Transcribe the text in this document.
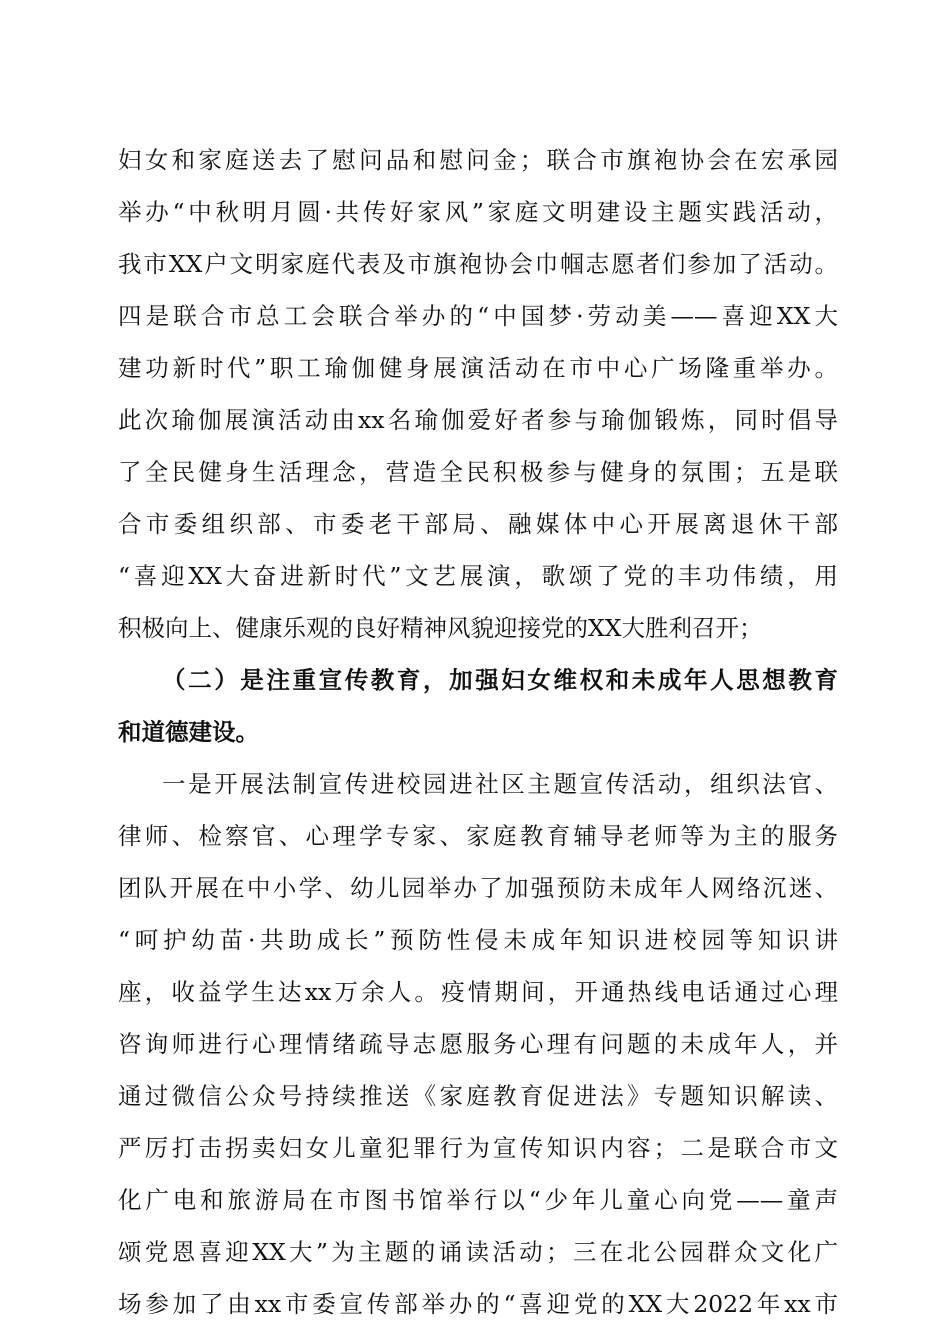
妇女和家庭送去了慰问品和慰问金；联合市旗袍协会在宏承园
举办“中秋明月圆·共传好家风”家庭文明建设主题实践活动，
我市XX户文明家庭代表及市旗袍协会巾帼志愿者们参加了活动。
四是联合市总工会联合举办的“中国梦·劳动美——喜迎XX大
建功新时代”职工瑜伽健身展演活动在市中心广场隆重举办。
此次瑜伽展演活动由xx名瑜伽爱好者参与瑜伽锻炼，同时倡导
了全民健身生活理念，营造全民积极参与健身的氛围；五是联
合市委组织部、市委老干部局、融媒体中心开展离退休干部
“喜迎XX大奋进新时代”文艺展演，歌颂了党的丰功伟绩，用
积极向上、健康乐观的良好精神风貌迎接党的XX大胜利召开；
（二）是注重宣传教育，加强妇女维权和未成年人思想教育
和道德建设。
一是开展法制宣传进校园进社区主题宣传活动，组织法官、
律师、检察官、心理学专家、家庭教育辅导老师等为主的服务
团队开展在中小学、幼儿园举办了加强预防未成年人网络沉迷、
“呵护幼苗·共助成长”预防性侵未成年知识进校园等知识讲
座，收益学生达xx万余人。疫情期间，开通热线电话通过心理
咨询师进行心理情绪疏导志愿服务心理有问题的未成年人，并
通过微信公众号持续推送《家庭教育促进法》专题知识解读、
严厉打击拐卖妇女儿童犯罪行为宣传知识内容；二是联合市文
化广电和旅游局在市图书馆举行以“少年儿童心向党——童声
颂党恩喜迎XX大”为主题的诵读活动；三在北公园群众文化广
场参加了由xx市委宣传部举办的“喜迎党的XX大2022年xx市
